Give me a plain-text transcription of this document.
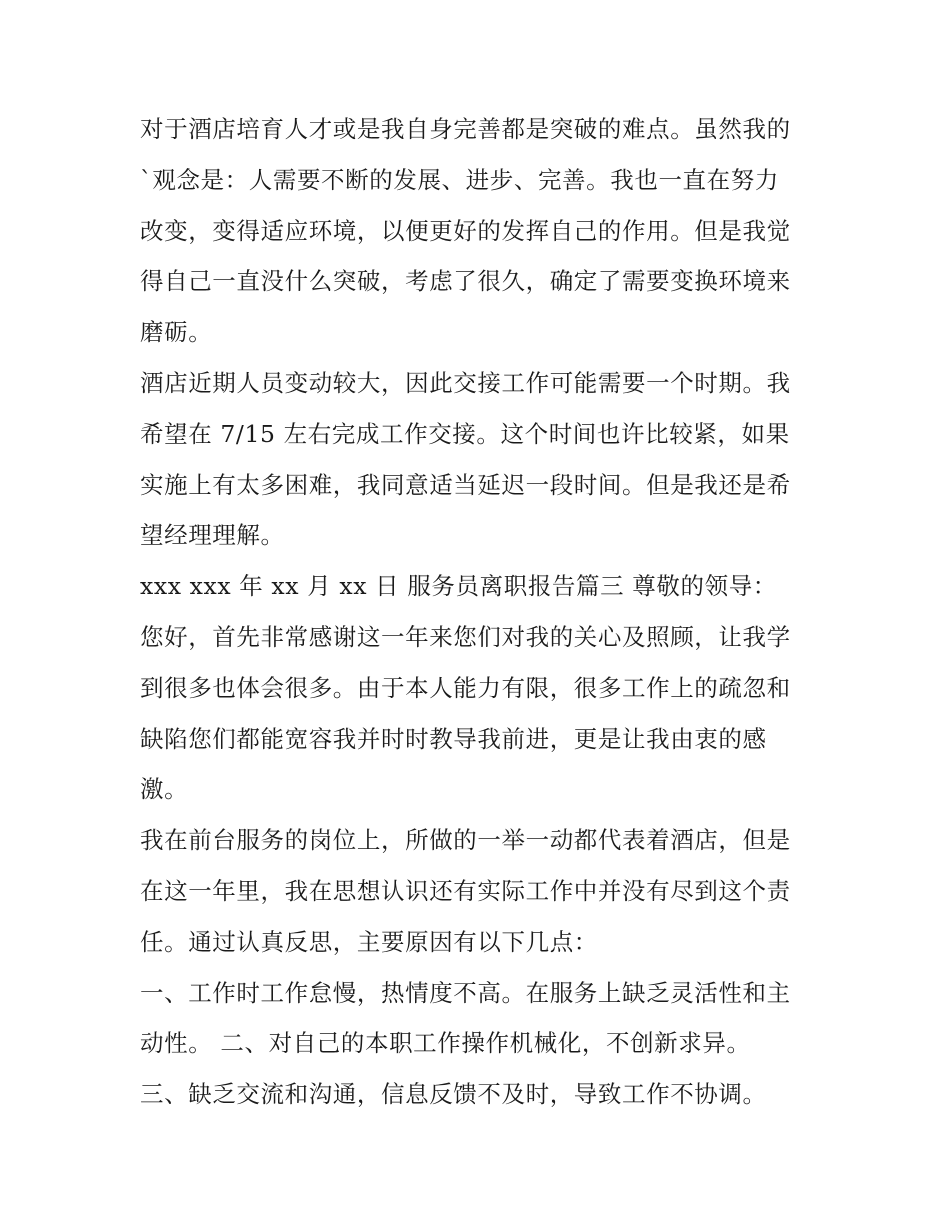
对于酒店培育人才或是我自身完善都是突破的难点。虽然我的
`观念是：人需要不断的发展、进步、完善。我也一直在努力
改变，变得适应环境，以便更好的发挥自己的作用。但是我觉
得自己一直没什么突破，考虑了很久，确定了需要变换环境来
磨砺。
酒店近期人员变动较大，因此交接工作可能需要一个时期。我
希望在 7/15 左右完成工作交接。这个时间也许比较紧，如果
实施上有太多困难，我同意适当延迟一段时间。但是我还是希
望经理理解。
xxx xxx 年 xx 月 xx 日 服务员离职报告篇三 尊敬的领导：
您好，首先非常感谢这一年来您们对我的关心及照顾，让我学
到很多也体会很多。由于本人能力有限，很多工作上的疏忽和
缺陷您们都能宽容我并时时教导我前进，更是让我由衷的感
激。
我在前台服务的岗位上，所做的一举一动都代表着酒店，但是
在这一年里，我在思想认识还有实际工作中并没有尽到这个责
任。通过认真反思，主要原因有以下几点：
一、工作时工作怠慢，热情度不高。在服务上缺乏灵活性和主
动性。 二、对自己的本职工作操作机械化，不创新求异。
三、缺乏交流和沟通，信息反馈不及时，导致工作不协调。
